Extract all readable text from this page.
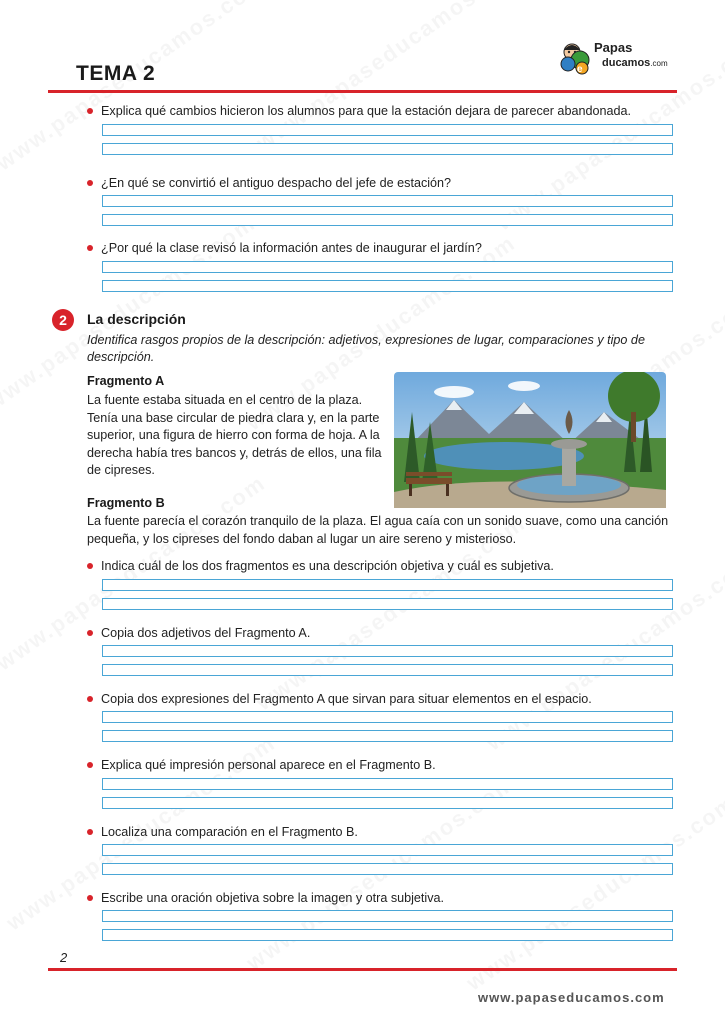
TEMA 2	e
Papas
ducamos.com
Explica qué cambios hicieron los alumnos para que la estación dejara de parecer abandonada.
¿En qué se convirtió el antiguo despacho del jefe de estación?
¿Por qué la clase revisó la información antes de inaugurar el jardín?
2	La descripción
Identifica rasgos propios de la descripción: adjetivos, expresiones de lugar, comparaciones y tipo de descripción.
Fragmento A
La fuente estaba situada en el centro de la plaza. Tenía una base circular de piedra clara y, en la parte superior, una figura de hierro con forma de hoja. A la derecha había tres bancos y, detrás de ellos, una fila de cipreses.
Fragmento B
La fuente parecía el corazón tranquilo de la plaza. El agua caía con un sonido suave, como una canción pequeña, y los cipreses del fondo daban al lugar un aire sereno y misterioso.
Indica cuál de los dos fragmentos es una descripción objetiva y cuál es subjetiva.
Copia dos adjetivos del Fragmento A.
Copia dos expresiones del Fragmento A que sirvan para situar elementos en el espacio.
Explica qué impresión personal aparece en el Fragmento B.
Localiza una comparación en el Fragmento B.
Escribe una oración objetiva sobre la imagen y otra subjetiva.
2
www.papaseducamos.com
